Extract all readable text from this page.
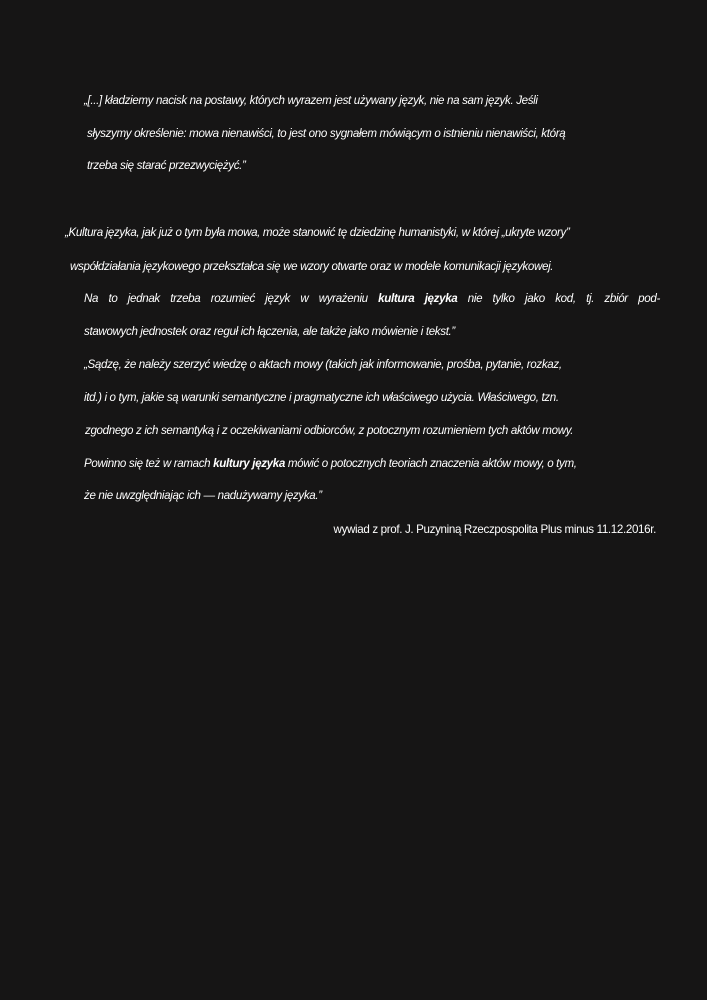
„[...] kładziemy nacisk na postawy, których wyrazem jest używany język, nie na sam język. Jeśli
słyszymy określenie: mowa nienawiści, to jest ono sygnałem mówiącym o istnieniu nienawiści, którą
trzeba się starać przezwyciężyć.”
„Kultura języka, jak już o tym była mowa, może stanowić tę dziedzinę humanistyki, w której „ukryte wzory”
współdziałania językowego przekształca się we wzory otwarte oraz w modele komunikacji językowej.
Na to jednak trzeba rozumieć język w wyrażeniu kultura języka nie tylko jako kod, tj. zbiór pod-
stawowych jednostek oraz reguł ich łączenia, ale także jako mówienie i tekst.”
„Sądzę, że należy szerzyć wiedzę o aktach mowy (takich jak informowanie, prośba, pytanie, rozkaz,
itd.) i o tym, jakie są warunki semantyczne i pragmatyczne ich właściwego użycia. Właściwego, tzn.
zgodnego z ich semantyką i z oczekiwaniami odbiorców, z potocznym rozumieniem tych aktów mowy.
Powinno się też w ramach kultury języka mówić o potocznych teoriach znaczenia aktów mowy, o tym,
że nie uwzględniając ich — nadużywamy języka.”
wywiad z prof. J. Puzyniną Rzeczpospolita Plus minus 11.12.2016r.
